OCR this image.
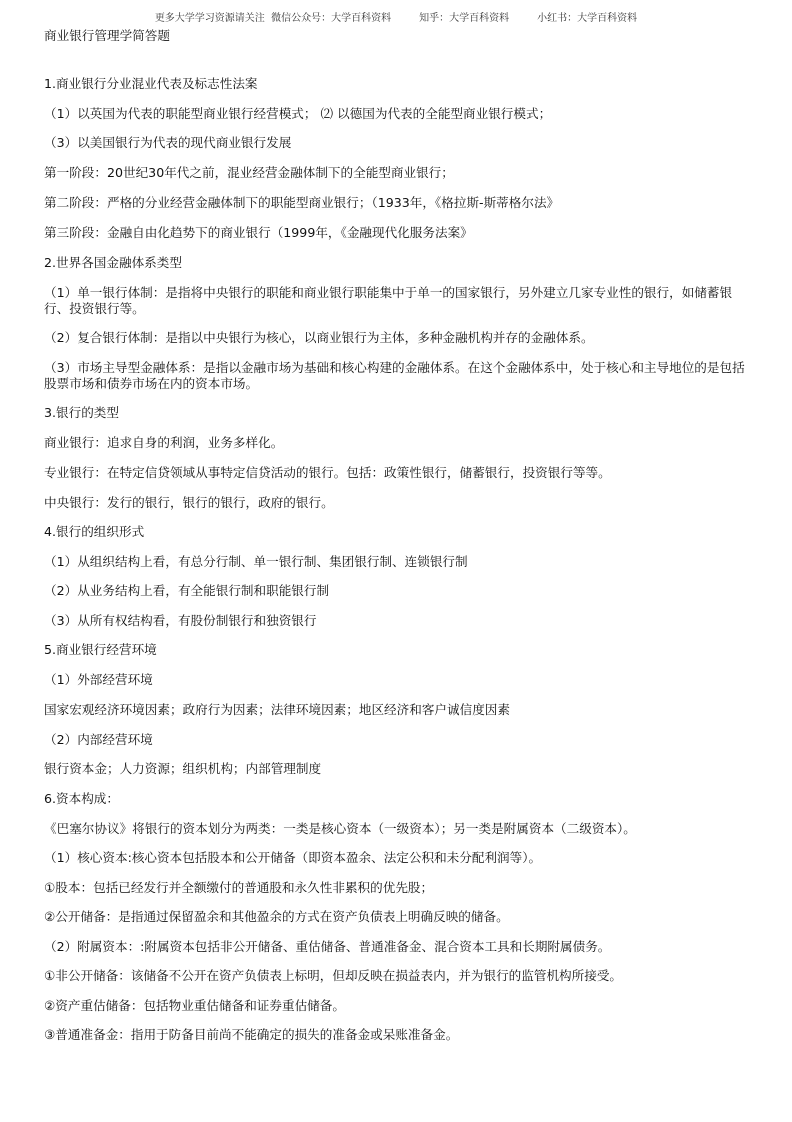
更多大学学习资源请关注  微信公众号：大学百科资料	知乎：大学百科资料	小红书：大学百科资料
商业银行管理学简答题
1.商业银行分业混业代表及标志性法案
（1）以英国为代表的职能型商业银行经营模式； ⑵ 以德国为代表的全能型商业银行模式；
（3）以美国银行为代表的现代商业银行发展
第一阶段：20世纪30年代之前，混业经营金融体制下的全能型商业银行；
第二阶段：严格的分业经营金融体制下的职能型商业银行；（1933年，《格拉斯-斯蒂格尔法》
第三阶段：金融自由化趋势下的商业银行（1999年，《金融现代化服务法案》
2.世界各国金融体系类型
（1）单一银行体制：是指将中央银行的职能和商业银行职能集中于单一的国家银行，另外建立几家专业性的银行，如储蓄银行、投资银行等。
（2）复合银行体制：是指以中央银行为核心，以商业银行为主体，多种金融机构并存的金融体系。
（3）市场主导型金融体系：是指以金融市场为基础和核心构建的金融体系。在这个金融体系中，处于核心和主导地位的是包括股票市场和债券市场在内的资本市场。
3.银行的类型
商业银行：追求自身的利润，业务多样化。
专业银行：在特定信贷领域从事特定信贷活动的银行。包括：政策性银行，储蓄银行，投资银行等等。
中央银行：发行的银行，银行的银行，政府的银行。
4.银行的组织形式
（1）从组织结构上看，有总分行制、单一银行制、集团银行制、连锁银行制
（2）从业务结构上看，有全能银行制和职能银行制
（3）从所有权结构看，有股份制银行和独资银行
5.商业银行经营环境
（1）外部经营环境
国家宏观经济环境因素；政府行为因素；法律环境因素；地区经济和客户诚信度因素
（2）内部经营环境
银行资本金；人力资源；组织机构；内部管理制度
6.资本构成：
《巴塞尔协议》将银行的资本划分为两类：一类是核心资本（一级资本）；另一类是附属资本（二级资本）。
（1）核心资本:核心资本包括股本和公开储备（即资本盈余、法定公积和未分配利润等）。
①股本：包括已经发行并全额缴付的普通股和永久性非累积的优先股；
②公开储备：是指通过保留盈余和其他盈余的方式在资产负债表上明确反映的储备。
（2）附属资本：:附属资本包括非公开储备、重估储备、普通准备金、混合资本工具和长期附属债务。
①非公开储备：该储备不公开在资产负债表上标明，但却反映在损益表内，并为银行的监管机构所接受。
②资产重估储备：包括物业重估储备和证券重估储备。
③普通准备金：指用于防备目前尚不能确定的损失的准备金或呆账准备金。
